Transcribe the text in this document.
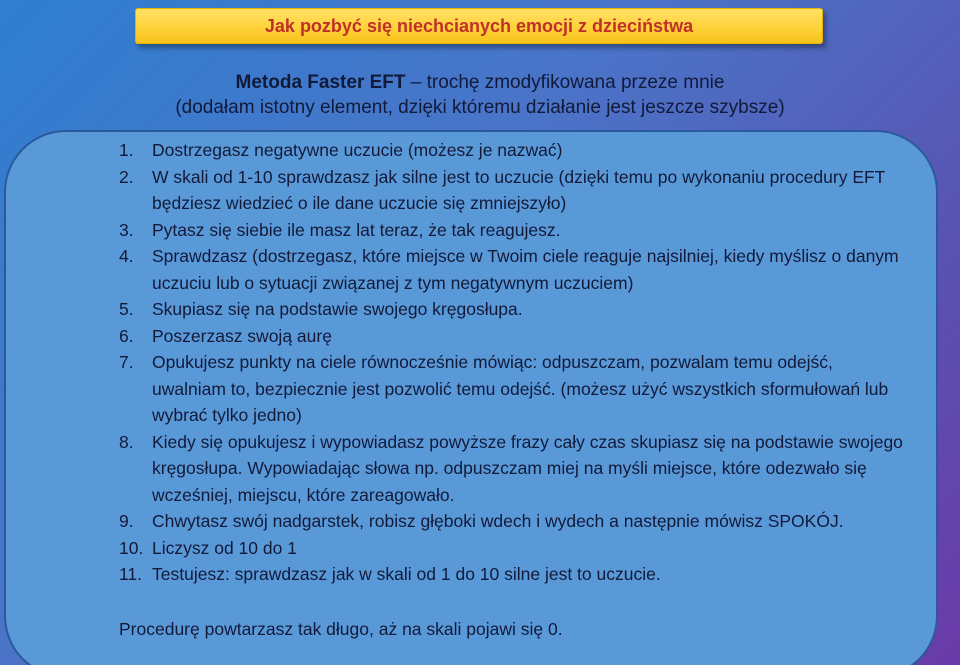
Jak pozbyć się niechcianych emocji z dzieciństwa
Metoda Faster EFT – trochę zmodyfikowana przeze mnie
(dodałam istotny element, dzięki któremu działanie jest jeszcze szybsze)
1.	Dostrzegasz negatywne uczucie (możesz je nazwać)
2.	W skali od 1-10 sprawdzasz jak silne jest to uczucie (dzięki temu po wykonaniu procedury EFT będziesz wiedzieć o ile dane uczucie się zmniejszyło)
3.	Pytasz się siebie ile masz lat teraz, że tak reagujesz.
4.	Sprawdzasz (dostrzegasz, które miejsce w Twoim ciele reaguje najsilniej, kiedy myślisz o danym uczuciu lub o sytuacji związanej z tym negatywnym uczuciem)
5.	Skupiasz się na podstawie swojego kręgosłupa.
6.	Poszerzasz swoją aurę
7.	Opukujesz punkty na ciele równocześnie mówiąc: odpuszczam, pozwalam temu odejść, uwalniam to, bezpiecznie jest pozwolić temu odejść. (możesz użyć wszystkich sformułowań lub wybrać tylko jedno)
8.	Kiedy się opukujesz i wypowiadasz powyższe frazy cały czas skupiasz się na podstawie swojego kręgosłupa. Wypowiadając słowa np. odpuszczam miej na myśli miejsce, które odezwało się wcześniej, miejscu, które zareagowało.
9.	Chwytasz swój nadgarstek, robisz głęboki wdech i wydech a następnie mówisz SPOKÓJ.
10. Liczysz od 10 do 1
11. Testujesz: sprawdzasz jak w skali od 1 do 10 silne jest to uczucie.
Procedurę powtarzasz tak długo, aż na skali pojawi się 0.
